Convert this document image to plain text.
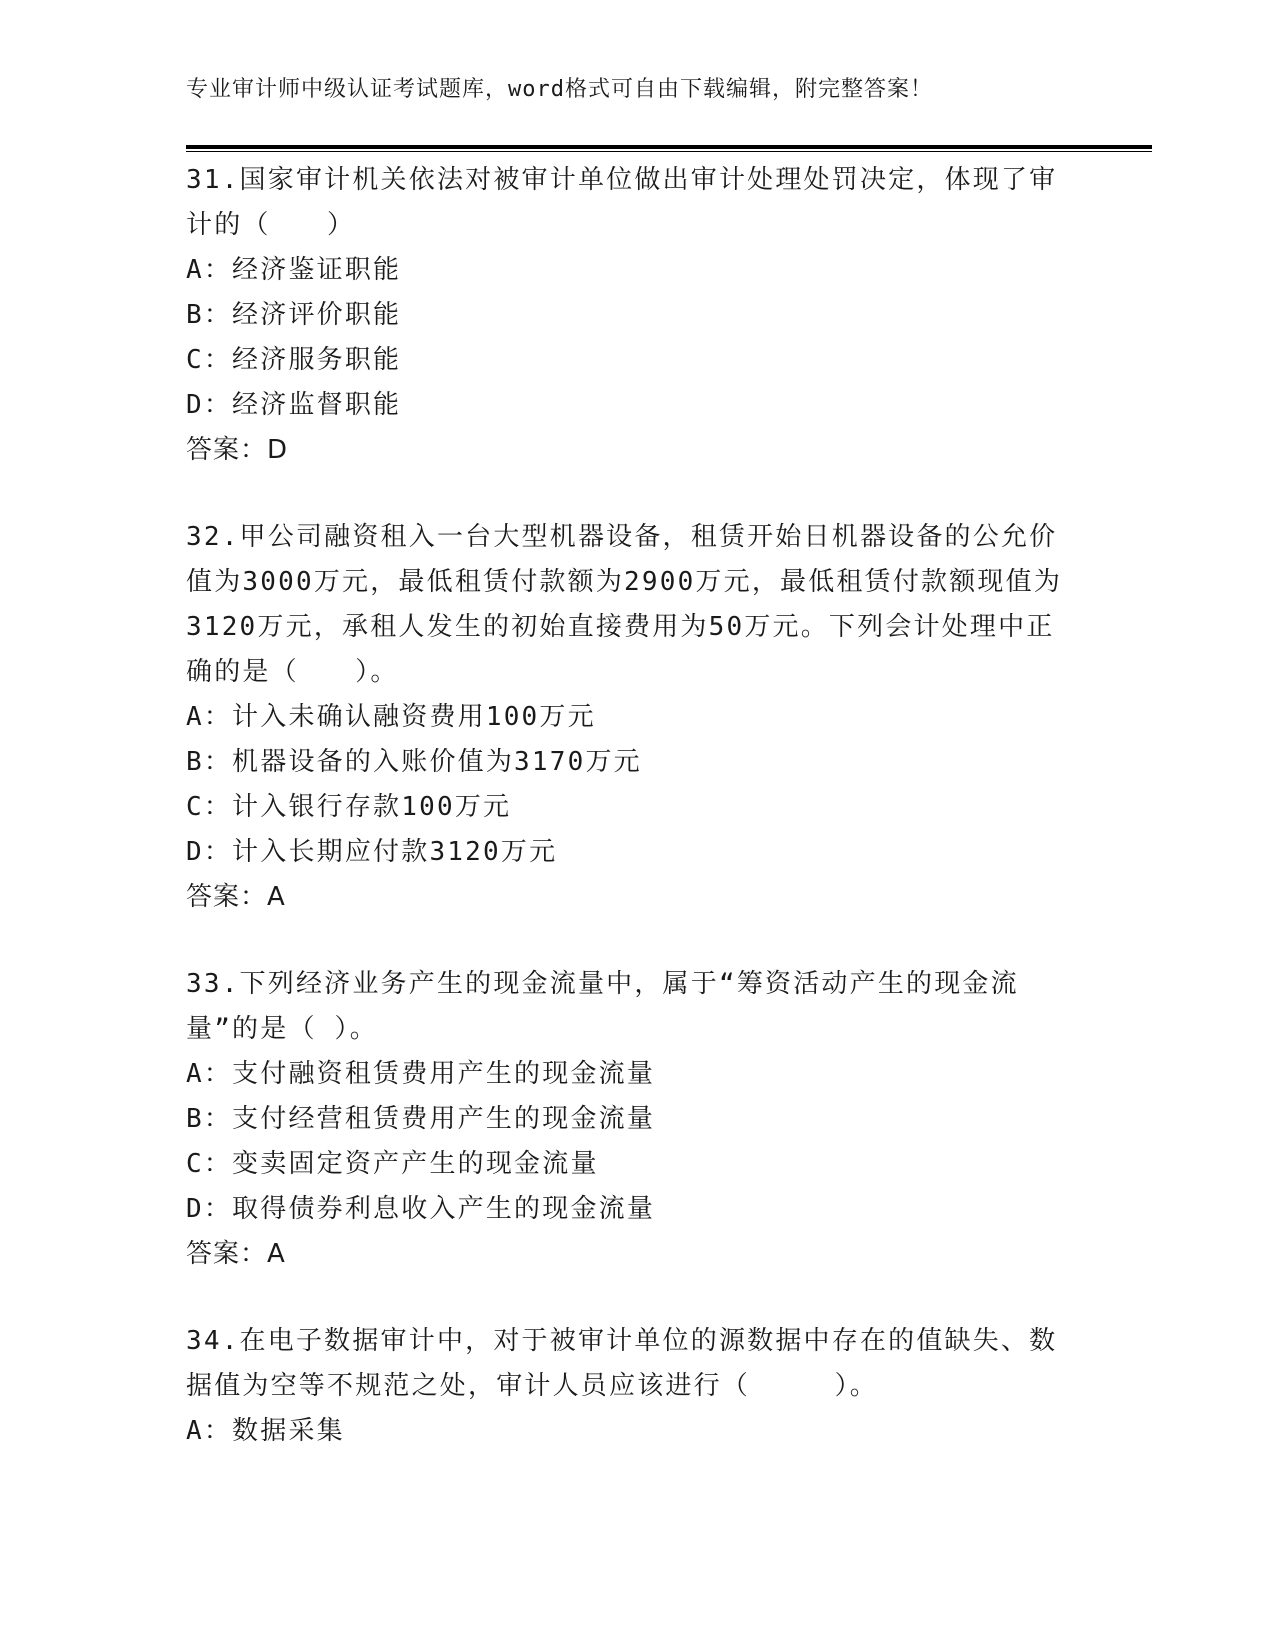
专业审计师中级认证考试题库，word格式可自由下载编辑，附完整答案！

31.国家审计机关依法对被审计单位做出审计处理处罚决定，体现了审计的（　　）

A：经济鉴证职能

B：经济评价职能

C：经济服务职能

D：经济监督职能

答案：D

32.甲公司融资租入一台大型机器设备，租赁开始日机器设备的公允价值为3000万元，最低租赁付款额为2900万元，最低租赁付款额现值为3120万元，承租人发生的初始直接费用为50万元。下列会计处理中正确的是（　　）。

A：计入未确认融资费用100万元

B：机器设备的入账价值为3170万元

C：计入银行存款100万元

D：计入长期应付款3120万元

答案：A

33.下列经济业务产生的现金流量中，属于“筹资活动产生的现金流量”的是（ ）。

A：支付融资租赁费用产生的现金流量

B：支付经营租赁费用产生的现金流量

C：变卖固定资产产生的现金流量

D：取得债券利息收入产生的现金流量

答案：A

34.在电子数据审计中，对于被审计单位的源数据中存在的值缺失、数据值为空等不规范之处，审计人员应该进行（　　　）。

A：数据采集
